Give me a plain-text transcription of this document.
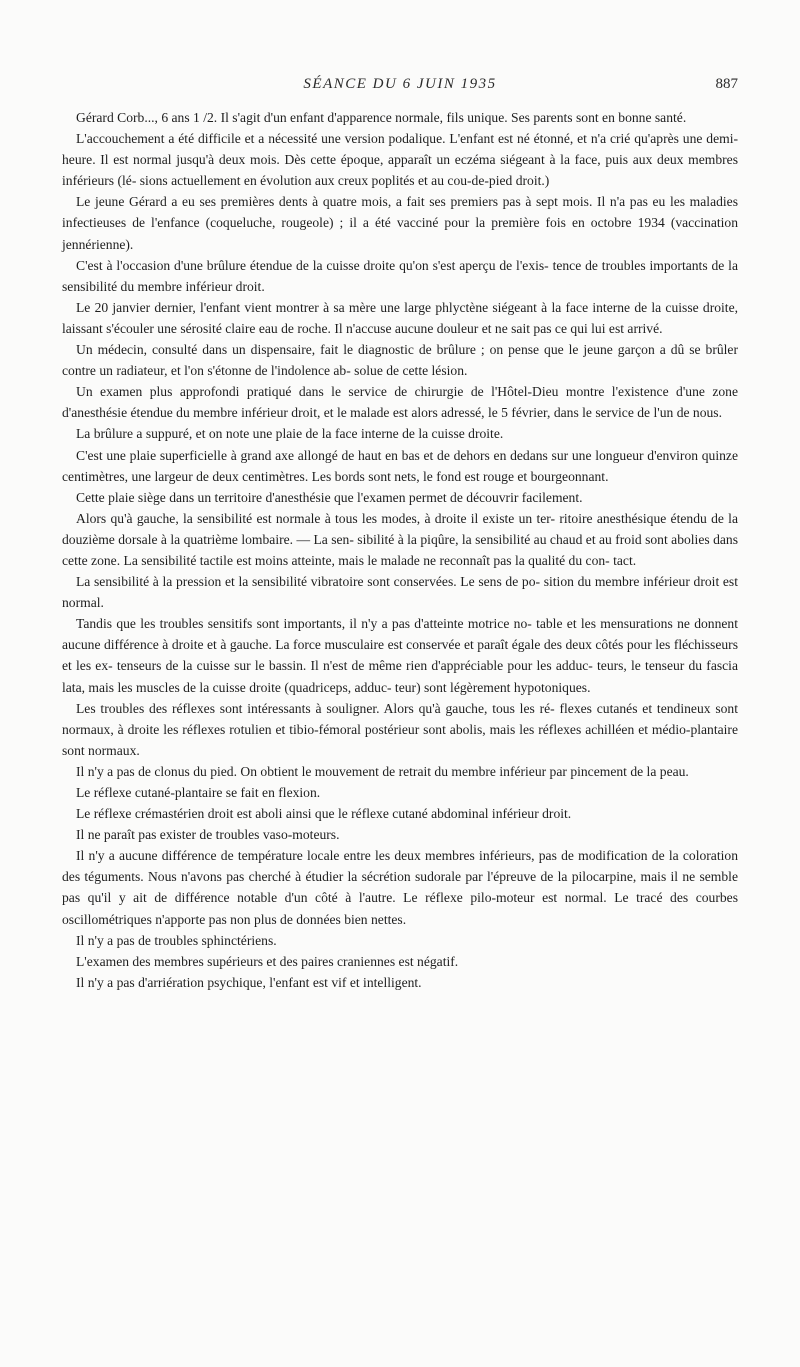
SÉANCE DU 6 JUIN 1935	887

Gérard Corb..., 6 ans 1 /2. Il s'agit d'un enfant d'apparence normale, fils unique. Ses parents sont en bonne santé.

L'accouchement a été difficile et a nécessité une version podalique. L'enfant est né étonné, et n'a crié qu'après une demi-heure. Il est normal jusqu'à deux mois. Dès cette époque, apparaît un eczéma siégeant à la face, puis aux deux membres inférieurs (lé- sions actuellement en évolution aux creux poplités et au cou-de-pied droit.)

Le jeune Gérard a eu ses premières dents à quatre mois, a fait ses premiers pas à sept mois. Il n'a pas eu les maladies infectieuses de l'enfance (coqueluche, rougeole) ; il a été vacciné pour la première fois en octobre 1934 (vaccination jennérienne).

C'est à l'occasion d'une brûlure étendue de la cuisse droite qu'on s'est aperçu de l'exis- tence de troubles importants de la sensibilité du membre inférieur droit.

Le 20 janvier dernier, l'enfant vient montrer à sa mère une large phlyctène siégeant à la face interne de la cuisse droite, laissant s'écouler une sérosité claire eau de roche. Il n'accuse aucune douleur et ne sait pas ce qui lui est arrivé.

Un médecin, consulté dans un dispensaire, fait le diagnostic de brûlure ; on pense que le jeune garçon a dû se brûler contre un radiateur, et l'on s'étonne de l'indolence ab- solue de cette lésion.

Un examen plus approfondi pratiqué dans le service de chirurgie de l'Hôtel-Dieu montre l'existence d'une zone d'anesthésie étendue du membre inférieur droit, et le malade est alors adressé, le 5 février, dans le service de l'un de nous.

La brûlure a suppuré, et on note une plaie de la face interne de la cuisse droite.

C'est une plaie superficielle à grand axe allongé de haut en bas et de dehors en dedans sur une longueur d'environ quinze centimètres, une largeur de deux centimètres. Les bords sont nets, le fond est rouge et bourgeonnant.

Cette plaie siège dans un territoire d'anesthésie que l'examen permet de découvrir facilement.

Alors qu'à gauche, la sensibilité est normale à tous les modes, à droite il existe un ter- ritoire anesthésique étendu de la douzième dorsale à la quatrième lombaire. — La sen- sibilité à la piqûre, la sensibilité au chaud et au froid sont abolies dans cette zone. La sensibilité tactile est moins atteinte, mais le malade ne reconnaît pas la qualité du con- tact.

La sensibilité à la pression et la sensibilité vibratoire sont conservées. Le sens de po- sition du membre inférieur droit est normal.

Tandis que les troubles sensitifs sont importants, il n'y a pas d'atteinte motrice no- table et les mensurations ne donnent aucune différence à droite et à gauche. La force musculaire est conservée et paraît égale des deux côtés pour les fléchisseurs et les ex- tenseurs de la cuisse sur le bassin. Il n'est de même rien d'appréciable pour les adduc- teurs, le tenseur du fascia lata, mais les muscles de la cuisse droite (quadriceps, adduc- teur) sont légèrement hypotoniques.

Les troubles des réflexes sont intéressants à souligner. Alors qu'à gauche, tous les ré- flexes cutanés et tendineux sont normaux, à droite les réflexes rotulien et tibio-fémoral postérieur sont abolis, mais les réflexes achilléen et médio-plantaire sont normaux.

Il n'y a pas de clonus du pied. On obtient le mouvement de retrait du membre inférieur par pincement de la peau.

Le réflexe cutané-plantaire se fait en flexion.

Le réflexe crémastérien droit est aboli ainsi que le réflexe cutané abdominal inférieur droit.

Il ne paraît pas exister de troubles vaso-moteurs.

Il n'y a aucune différence de température locale entre les deux membres inférieurs, pas de modification de la coloration des téguments. Nous n'avons pas cherché à étudier la sécrétion sudorale par l'épreuve de la pilocarpine, mais il ne semble pas qu'il y ait de différence notable d'un côté à l'autre. Le réflexe pilo-moteur est normal. Le tracé des courbes oscillométriques n'apporte pas non plus de données bien nettes.

Il n'y a pas de troubles sphinctériens.

L'examen des membres supérieurs et des paires craniennes est négatif.

Il n'y a pas d'arriération psychique, l'enfant est vif et intelligent.
